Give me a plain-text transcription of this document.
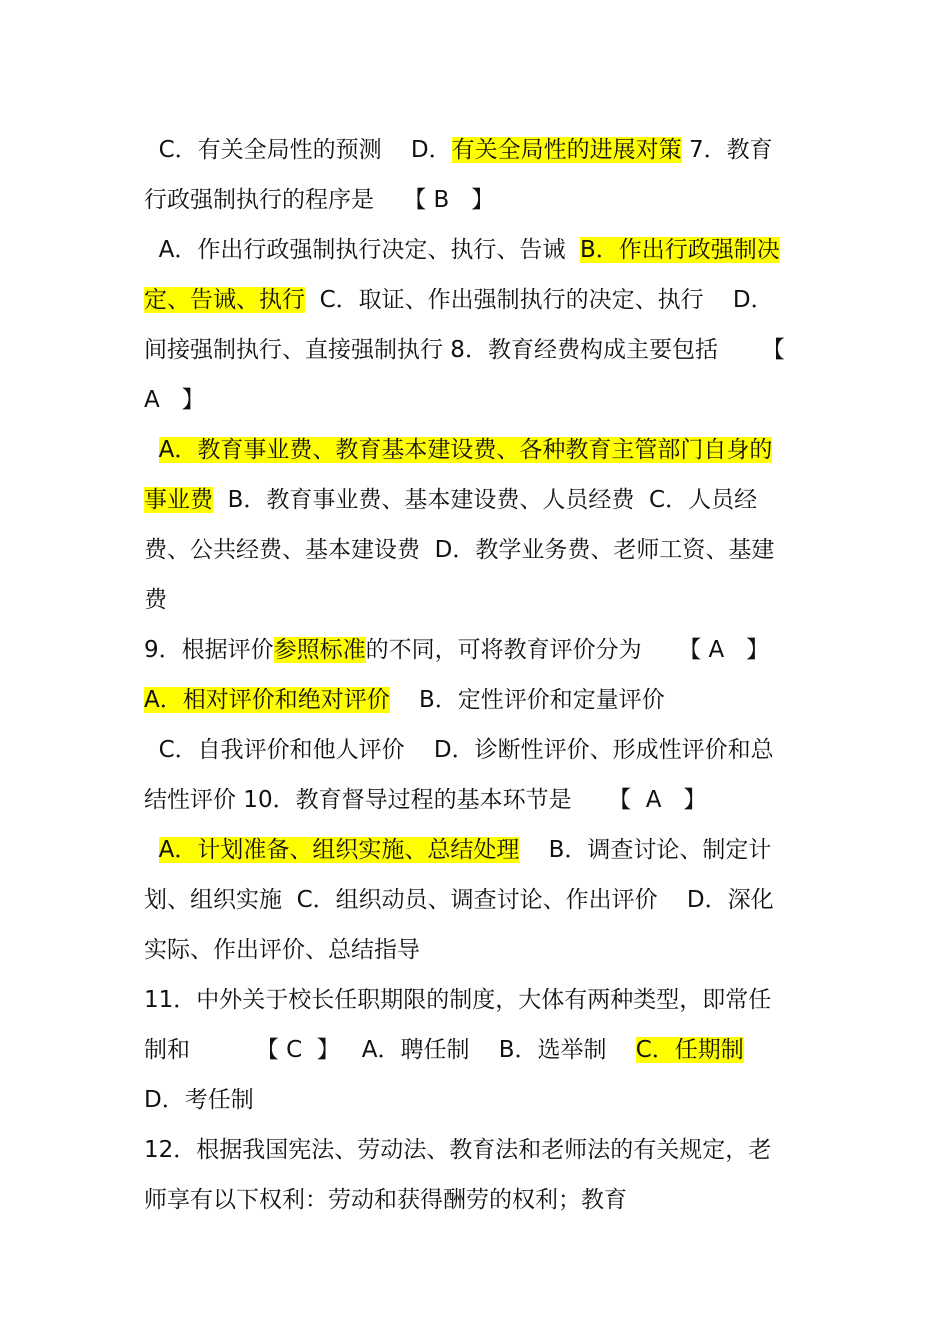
C．有关全局性的预测    D．有关全局性的进展对策 7．教育
行政强制执行的程序是    【 B   】
A．作出行政强制执行决定、执行、告诫  B．作出行政强制决
定、告诫、执行  C．取证、作出强制执行的决定、执行    D．
间接强制执行、直接强制执行 8．教育经费构成主要包括      【
A   】
A．教育事业费、教育基本建设费、各种教育主管部门自身的
事业费  B．教育事业费、基本建设费、人员经费  C．人员经
费、公共经费、基本建设费  D．教学业务费、老师工资、基建
费
9．根据评价参照标准的不同，可将教育评价分为     【 A   】
A．相对评价和绝对评价    B．定性评价和定量评价
C．自我评价和他人评价    D．诊断性评价、形成性评价和总
结性评价 10．教育督导过程的基本环节是     【  A   】
A．计划准备、组织实施、总结处理    B．调查讨论、制定计
划、组织实施  C．组织动员、调查讨论、作出评价    D．深化
实际、作出评价、总结指导
11．中外关于校长任职期限的制度，大体有两种类型，即常任
制和         【 C  】   A．聘任制    B．选举制    C．任期制
D．考任制
12．根据我国宪法、劳动法、教育法和老师法的有关规定，老
师享有以下权利：劳动和获得酬劳的权利；教育
